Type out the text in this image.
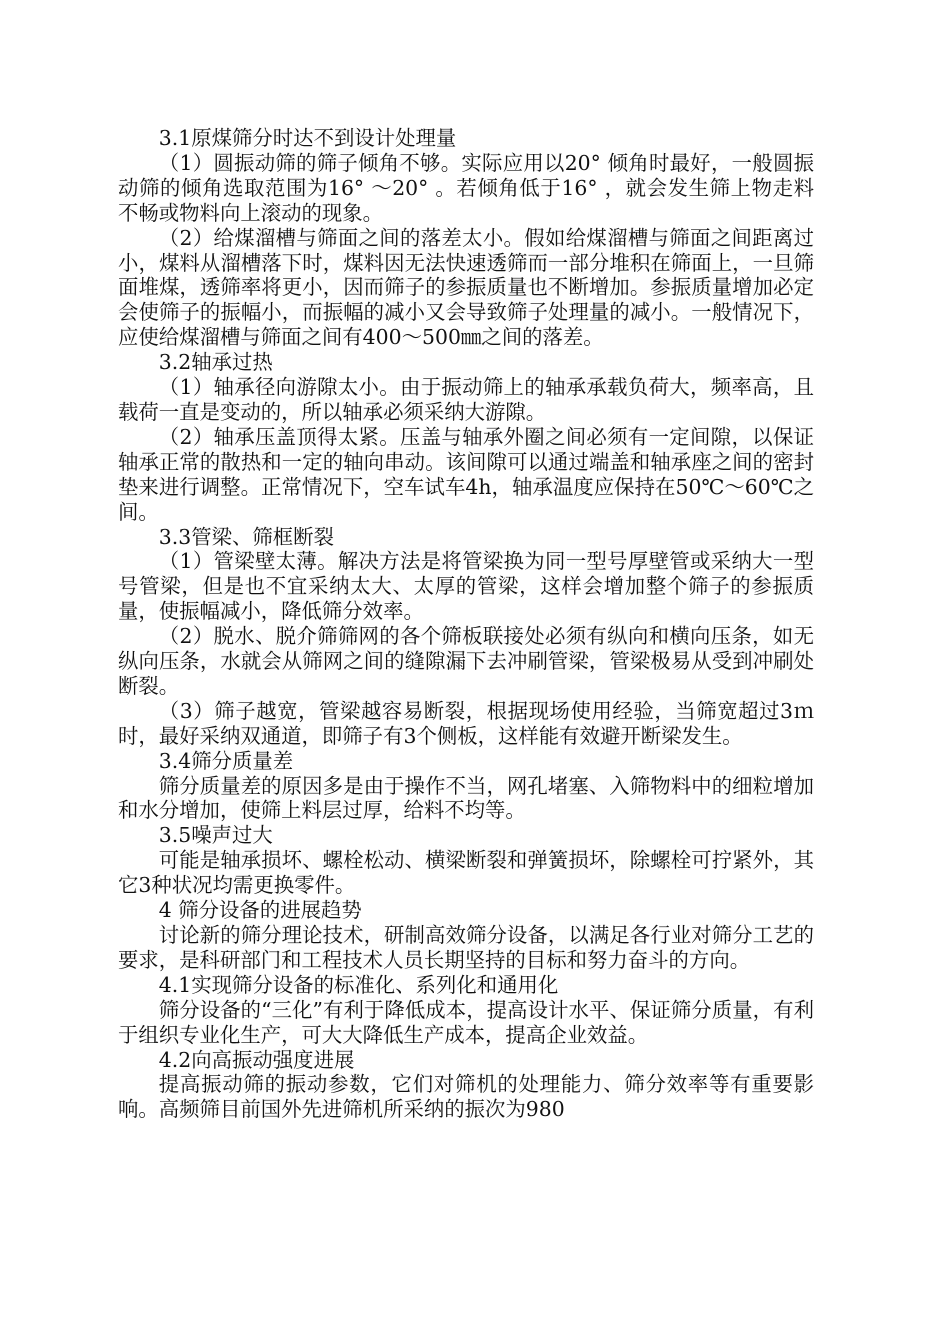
3.1原煤筛分时达不到设计处理量

（1）圆振动筛的筛子倾角不够。实际应用以20° 倾角时最好，一般圆振动筛的倾角选取范围为16° ～20° 。若倾角低于16° ，就会发生筛上物走料不畅或物料向上滚动的现象。

（2）给煤溜槽与筛面之间的落差太小。假如给煤溜槽与筛面之间距离过小，煤料从溜槽落下时，煤料因无法快速透筛而一部分堆积在筛面上，一旦筛面堆煤，透筛率将更小，因而筛子的参振质量也不断增加。参振质量增加必定会使筛子的振幅小，而振幅的减小又会导致筛子处理量的减小。一般情况下，应使给煤溜槽与筛面之间有400～500㎜之间的落差。

3.2轴承过热

（1）轴承径向游隙太小。由于振动筛上的轴承承载负荷大，频率高，且载荷一直是变动的，所以轴承必须采纳大游隙。

（2）轴承压盖顶得太紧。压盖与轴承外圈之间必须有一定间隙，以保证轴承正常的散热和一定的轴向串动。该间隙可以通过端盖和轴承座之间的密封垫来进行调整。正常情况下，空车试车4h，轴承温度应保持在50℃～60℃之间。

3.3管梁、筛框断裂

（1）管梁壁太薄。解决方法是将管梁换为同一型号厚壁管或采纳大一型号管梁，但是也不宜采纳太大、太厚的管梁，这样会增加整个筛子的参振质量，使振幅减小，降低筛分效率。

（2）脱水、脱介筛筛网的各个筛板联接处必须有纵向和横向压条，如无纵向压条，水就会从筛网之间的缝隙漏下去冲刷管梁，管梁极易从受到冲刷处断裂。

（3）筛子越宽，管梁越容易断裂，根据现场使用经验，当筛宽超过3ｍ时，最好采纳双通道，即筛子有3个侧板，这样能有效避开断梁发生。

3.4筛分质量差

筛分质量差的原因多是由于操作不当，网孔堵塞、入筛物料中的细粒增加和水分增加，使筛上料层过厚，给料不均等。

3.5噪声过大

可能是轴承损坏、螺栓松动、横梁断裂和弹簧损坏，除螺栓可拧紧外，其它3种状况均需更换零件。

4 筛分设备的进展趋势

讨论新的筛分理论技术，研制高效筛分设备，以满足各行业对筛分工艺的要求，是科研部门和工程技术人员长期坚持的目标和努力奋斗的方向。

4.1实现筛分设备的标准化、系列化和通用化

筛分设备的“三化”有利于降低成本，提高设计水平、保证筛分质量，有利于组织专业化生产，可大大降低生产成本，提高企业效益。

4.2向高振动强度进展

提高振动筛的振动参数，它们对筛机的处理能力、筛分效率等有重要影响。高频筛目前国外先进筛机所采纳的振次为980
